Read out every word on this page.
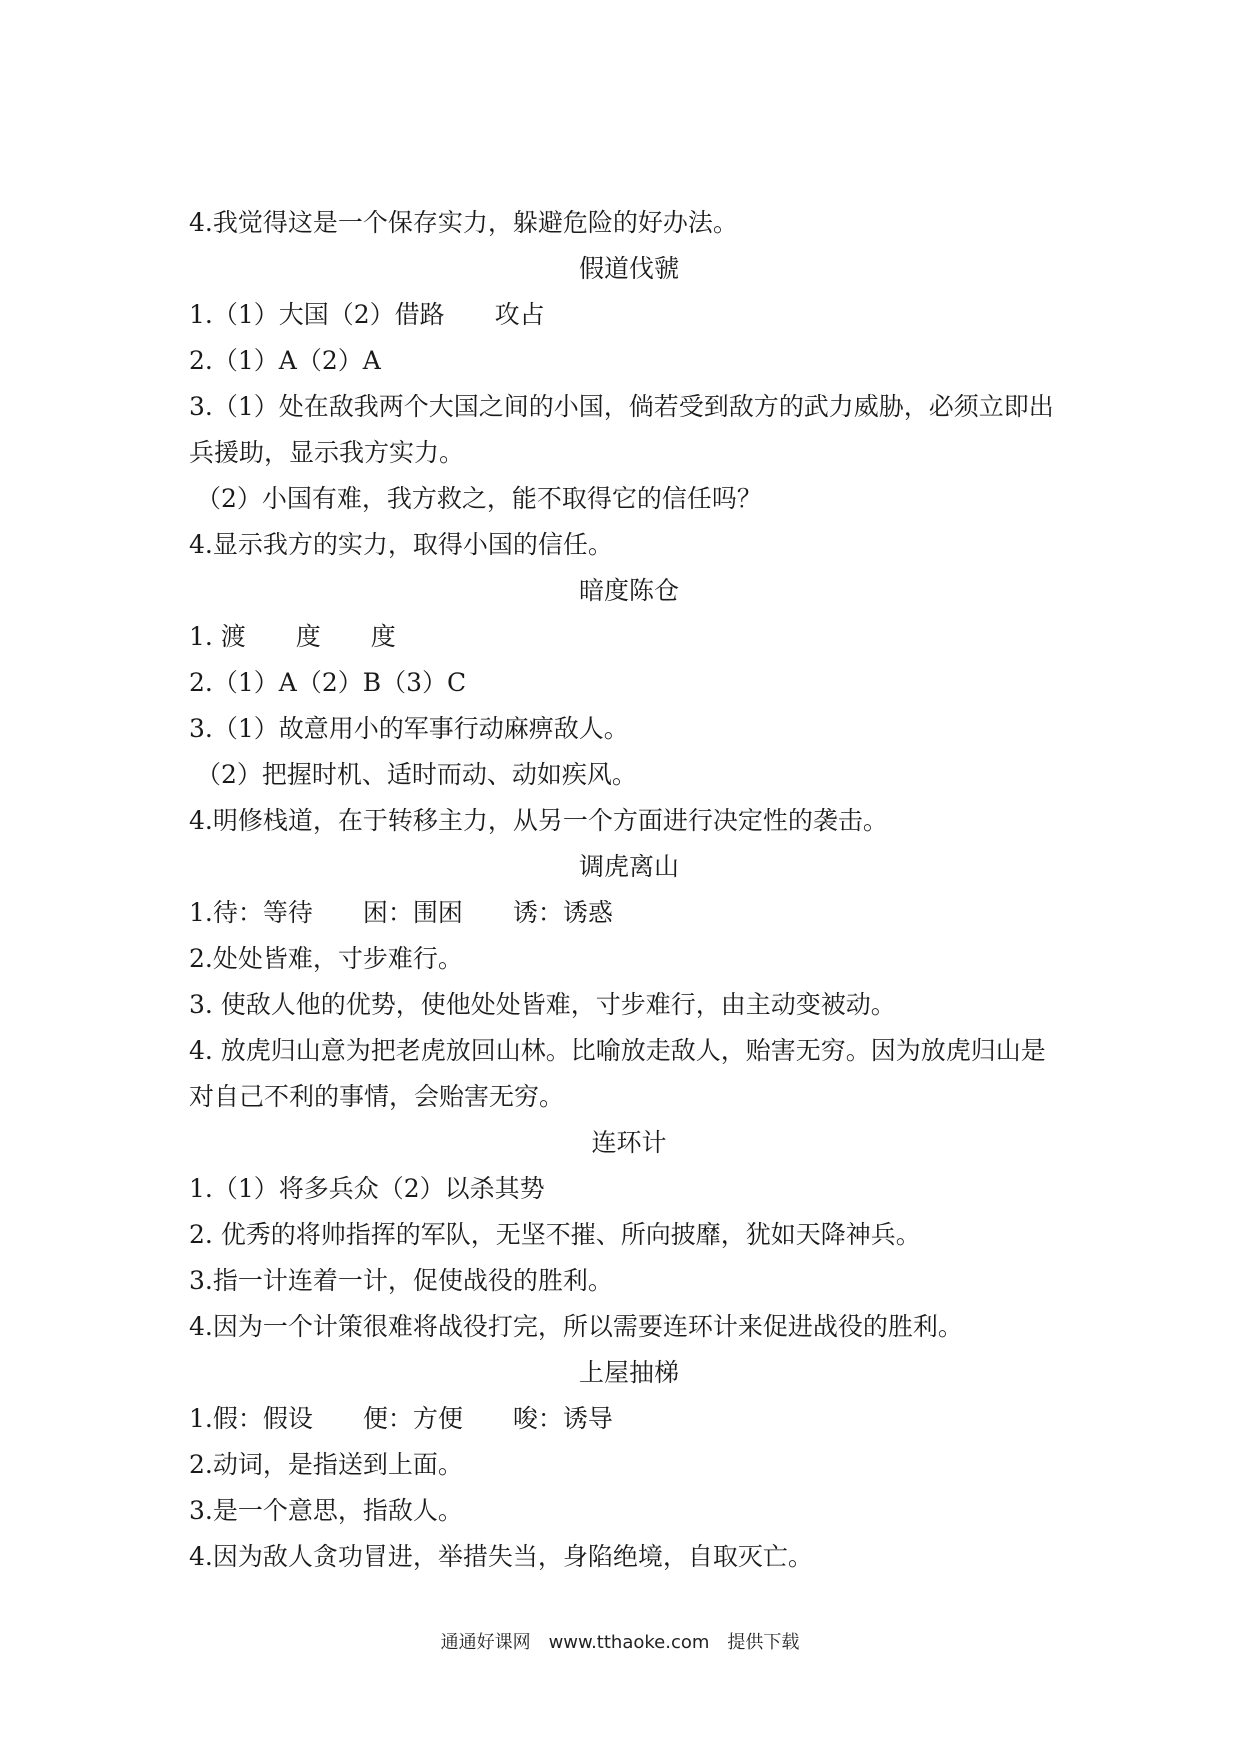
4.我觉得这是一个保存实力，躲避危险的好办法。
假道伐虢
1.（1）大国（2）借路　　攻占
2.（1）A（2）A
3.（1）处在敌我两个大国之间的小国，倘若受到敌方的武力威胁，必须立即出
兵援助，显示我方实力。
（2）小国有难，我方救之，能不取得它的信任吗？
4.显示我方的实力，取得小国的信任。
暗度陈仓
1. 渡　　度　　度
2.（1）A（2）B（3）C
3.（1）故意用小的军事行动麻痹敌人。
（2）把握时机、适时而动、动如疾风。
4.明修栈道，在于转移主力，从另一个方面进行决定性的袭击。
调虎离山
1.待：等待　　困：围困　　诱：诱惑
2.处处皆难，寸步难行。
3. 使敌人他的优势，使他处处皆难，寸步难行，由主动变被动。
4. 放虎归山意为把老虎放回山林。比喻放走敌人，贻害无穷。因为放虎归山是
对自己不利的事情，会贻害无穷。
连环计
1.（1）将多兵众（2）以杀其势
2. 优秀的将帅指挥的军队，无坚不摧、所向披靡，犹如天降神兵。
3.指一计连着一计，促使战役的胜利。
4.因为一个计策很难将战役打完，所以需要连环计来促进战役的胜利。
上屋抽梯
1.假：假设　　便：方便　　唆：诱导
2.动词，是指送到上面。
3.是一个意思，指敌人。
4.因为敌人贪功冒进，举措失当，身陷绝境，自取灭亡。
通通好课网　www.tthaoke.com　提供下载
